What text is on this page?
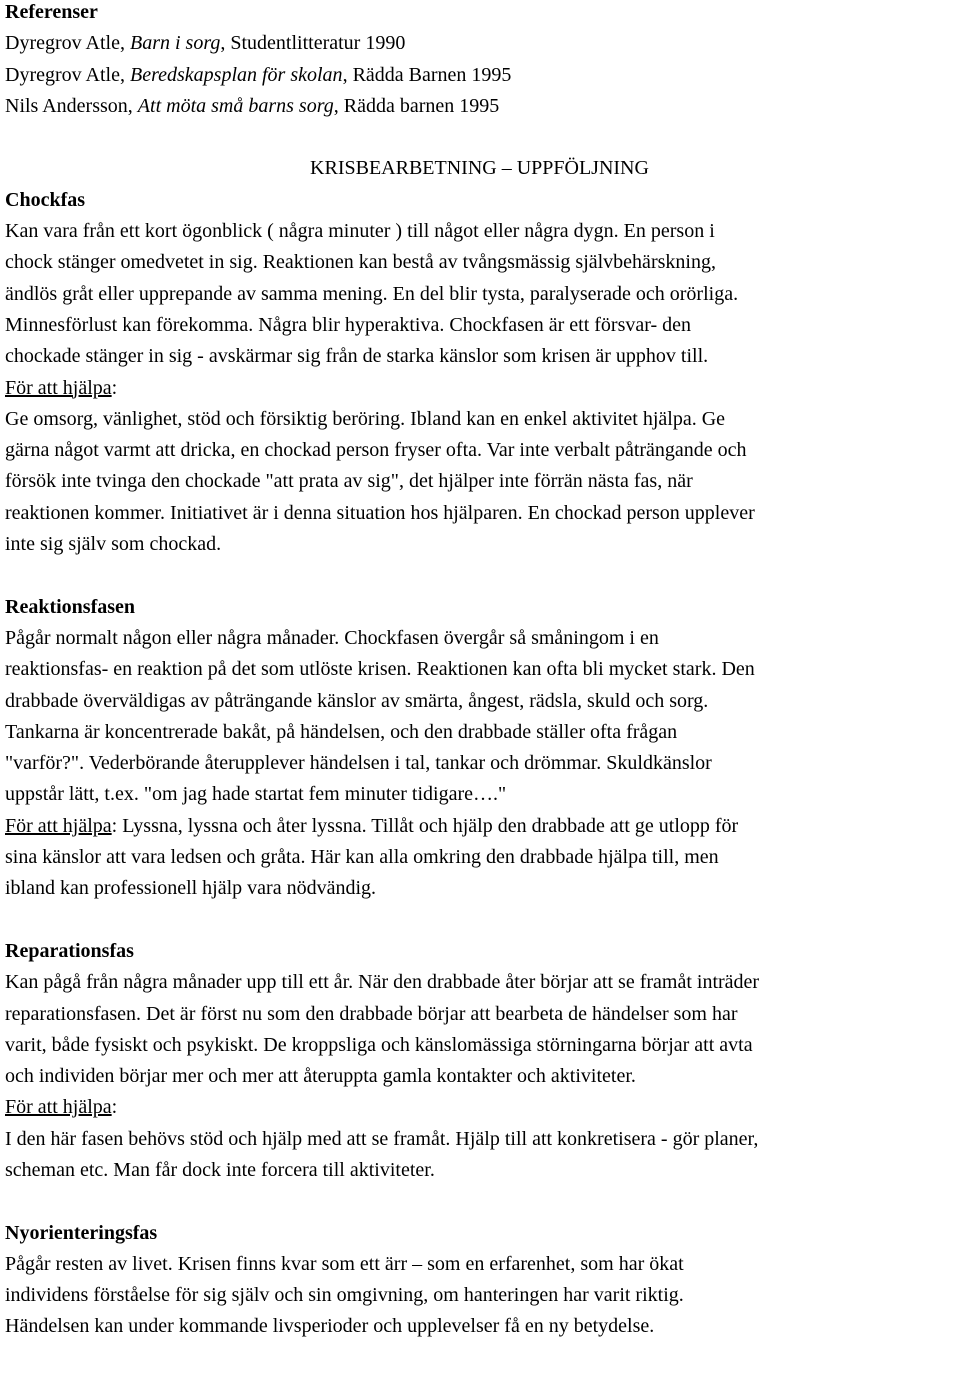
Referenser
Dyregrov Atle, Barn i sorg, Studentlitteratur 1990
Dyregrov Atle, Beredskapsplan för skolan, Rädda Barnen 1995
Nils Andersson, Att möta små barns sorg, Rädda barnen 1995
KRISBEARBETNING – UPPFÖLJNING
Chockfas
Kan vara från ett kort ögonblick ( några minuter ) till något eller några dygn. En person i
chock stänger omedvetet in sig. Reaktionen kan bestå av tvångsmässig självbehärskning,
ändlös gråt eller upprepande av samma mening. En del blir tysta, paralyserade och orörliga.
Minnesförlust kan förekomma. Några blir hyperaktiva. Chockfasen är ett försvar- den
chockade stänger in sig - avskärmar sig från de starka känslor som krisen är upphov till.
För att hjälpa:
Ge omsorg, vänlighet, stöd och försiktig beröring. Ibland kan en enkel aktivitet hjälpa. Ge
gärna något varmt att dricka, en chockad person fryser ofta. Var inte verbalt påträngande och
försök inte tvinga den chockade "att prata av sig", det hjälper inte förrän nästa fas, när
reaktionen kommer. Initiativet är i denna situation hos hjälparen. En chockad person upplever
inte sig själv som chockad.
Reaktionsfasen
Pågår normalt någon eller några månader. Chockfasen övergår så småningom i en
reaktionsfas- en reaktion på det som utlöste krisen. Reaktionen kan ofta bli mycket stark. Den
drabbade överväldigas av påträngande känslor av smärta, ångest, rädsla, skuld och sorg.
Tankarna är koncentrerade bakåt, på händelsen, och den drabbade ställer ofta frågan
"varför?". Vederbörande återupplever händelsen i tal, tankar och drömmar. Skuldkänslor
uppstår lätt, t.ex. "om jag hade startat fem minuter tidigare…."
För att hjälpa: Lyssna, lyssna och åter lyssna. Tillåt och hjälp den drabbade att ge utlopp för
sina känslor att vara ledsen och gråta. Här kan alla omkring den drabbade hjälpa till, men
ibland kan professionell hjälp vara nödvändig.
Reparationsfas
Kan pågå från några månader upp till ett år. När den drabbade åter börjar att se framåt inträder
reparationsfasen. Det är först nu som den drabbade börjar att bearbeta de händelser som har
varit, både fysiskt och psykiskt. De kroppsliga och känslomässiga störningarna börjar att avta
och individen börjar mer och mer att återuppta gamla kontakter och aktiviteter.
För att hjälpa:
I den här fasen behövs stöd och hjälp med att se framåt. Hjälp till att konkretisera - gör planer,
scheman etc. Man får dock inte forcera till aktiviteter.
Nyorienteringsfas
Pågår resten av livet. Krisen finns kvar som ett ärr – som en erfarenhet, som har ökat
individens förståelse för sig själv och sin omgivning, om hanteringen har varit riktig.
Händelsen kan under kommande livsperioder och upplevelser få en ny betydelse.
